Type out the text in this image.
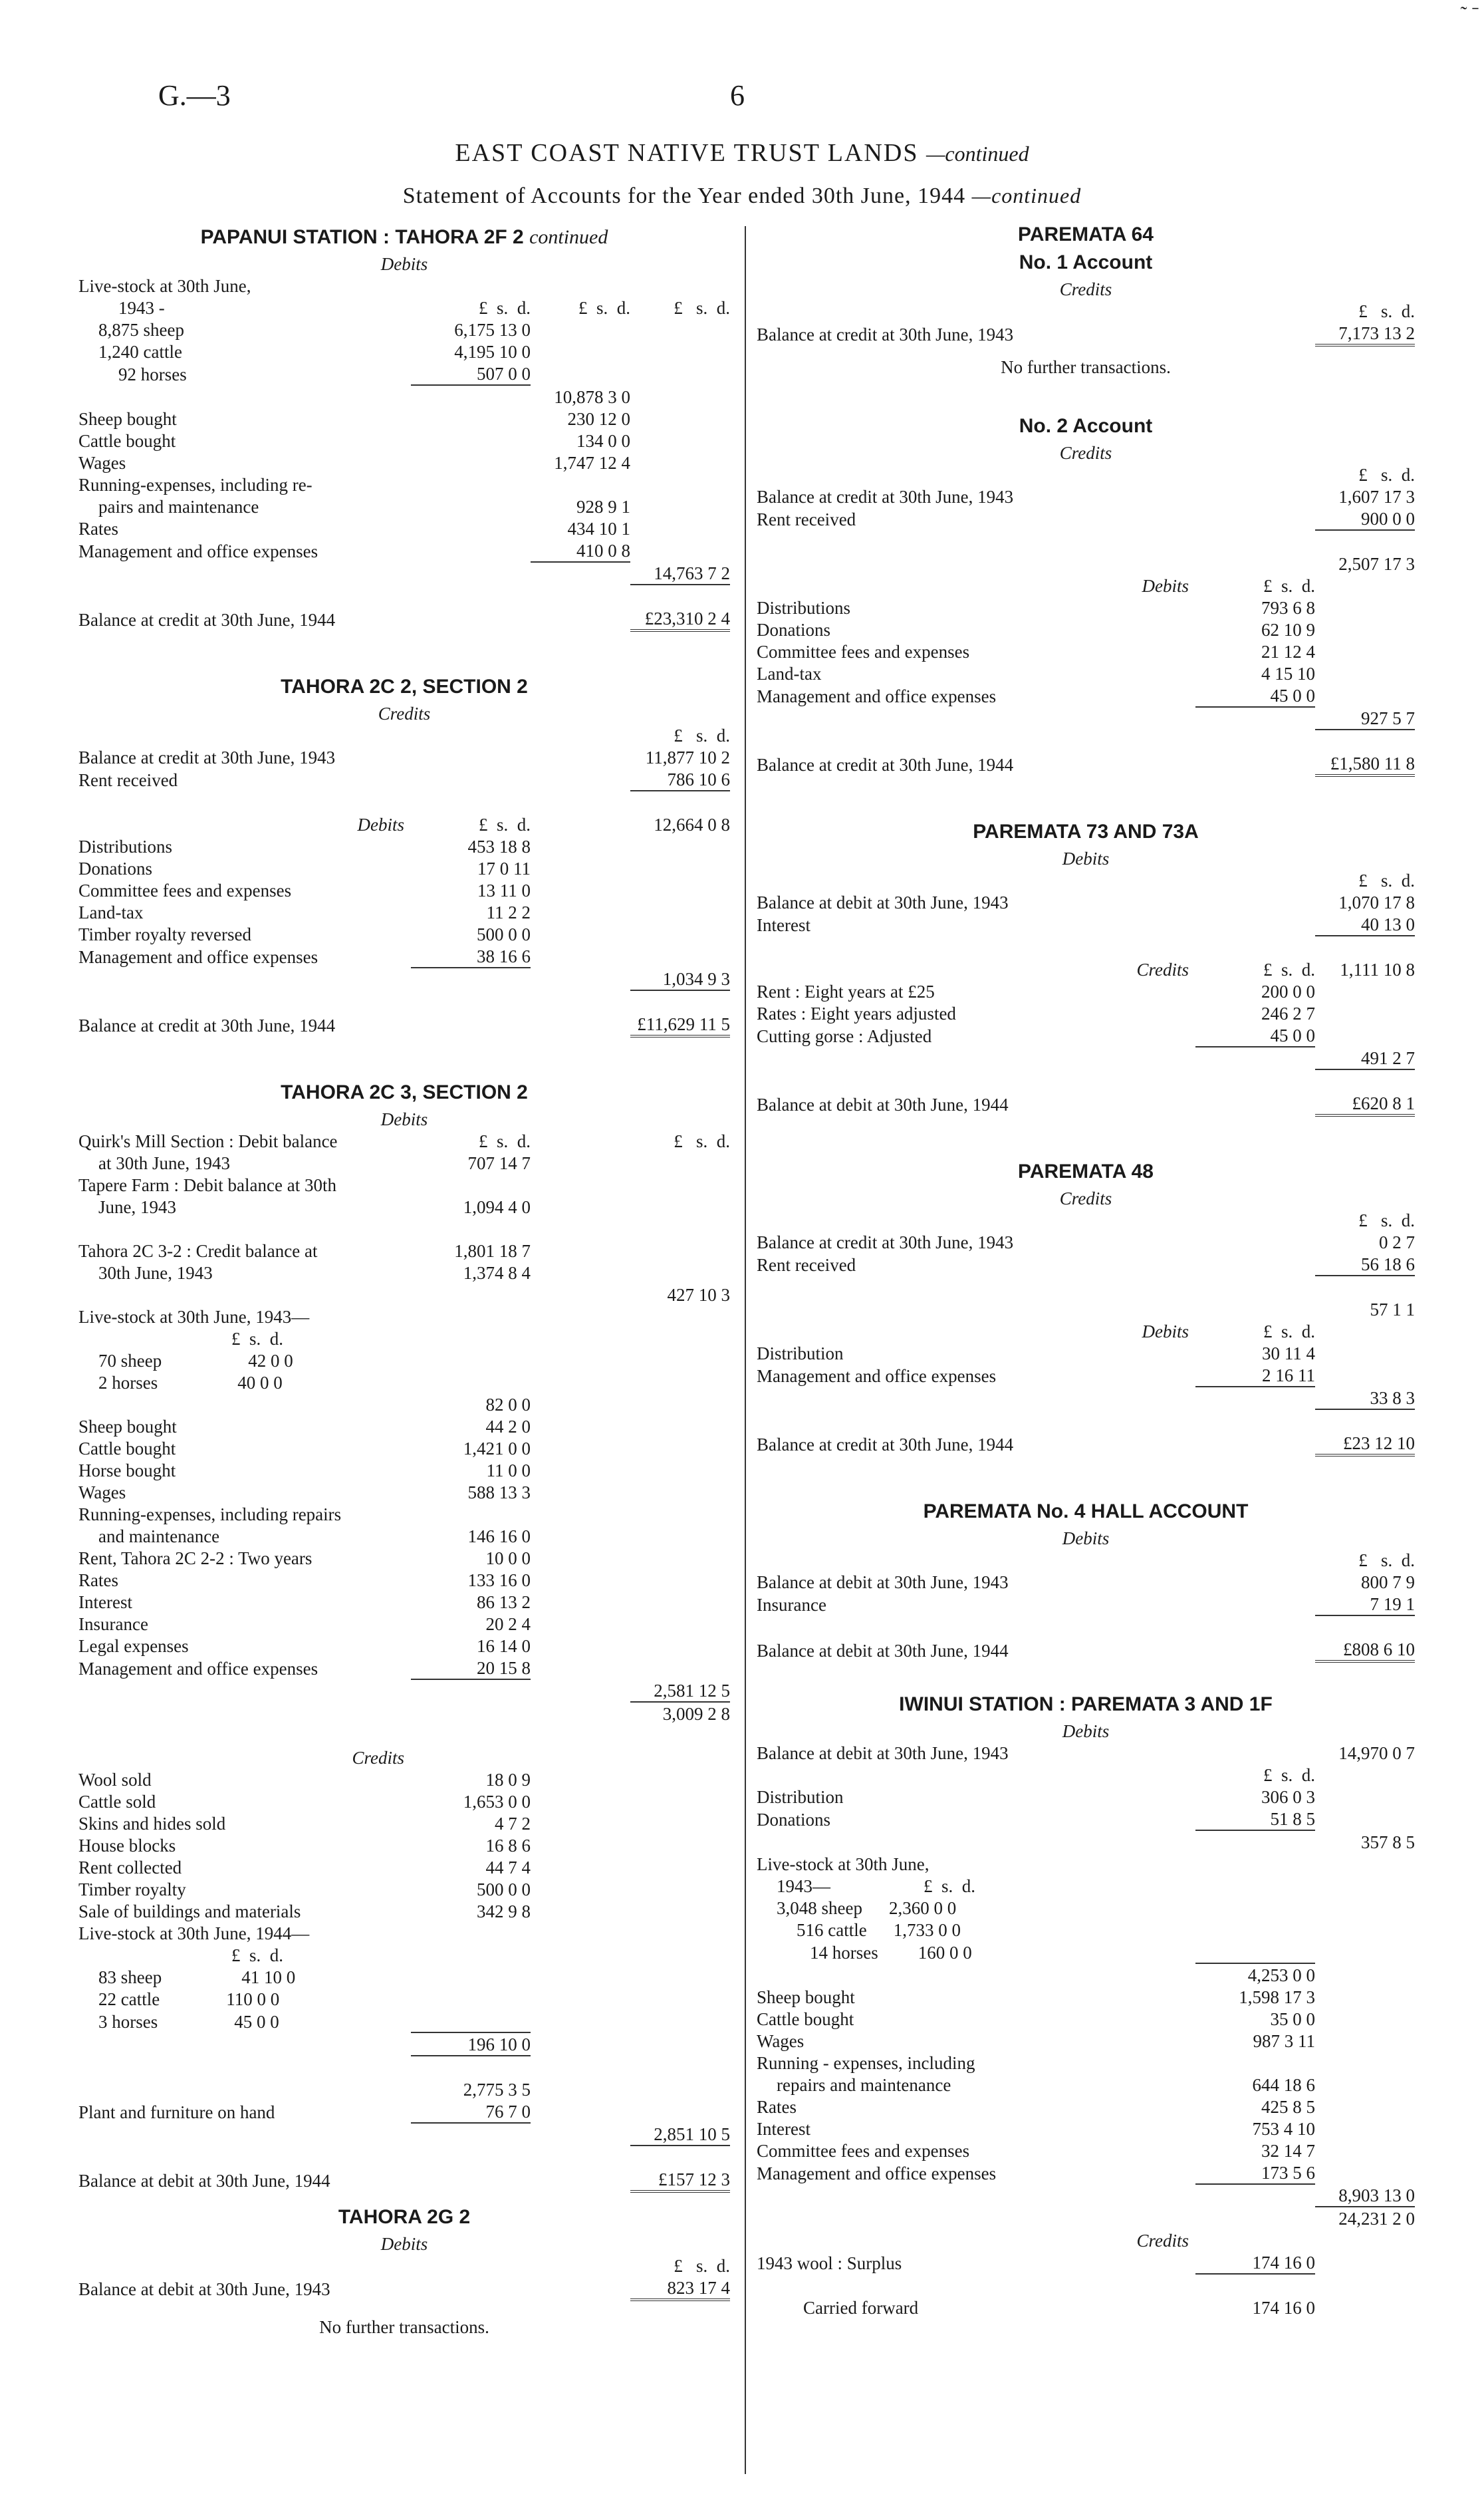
˜ ˉ
G.—3	6
EAST COAST NATIVE TRUST LANDS —continued
Statement of Accounts for the Year ended 30th June, 1944 —continued
PAPANUI STATION : TAHORA 2F 2 continued
Debits
Live-stock at 30th June,			
1943 -	£  s.  d.	£  s.  d.	£   s.  d.
8,875 sheep	6,175 13 0		
1,240 cattle	4,195 10 0		
92 horses	507 0 0		
		10,878 3 0	
Sheep bought		230 12 0	
Cattle bought		134 0 0	
Wages		1,747 12 4	
Running-expenses, including re-			
pairs and maintenance		928 9 1	
Rates		434 10 1	
Management and office expenses		410 0 8	
			14,763 7 2

Balance at credit at 30th June, 1944			£23,310 2 4
TAHORA 2C 2, SECTION 2
Credits
			£   s.  d.
Balance at credit at 30th June, 1943			11,877 10 2
Rent received			786 10 6

Debits	£  s.  d.		12,664 0 8
Distributions	453 18 8		
Donations	17 0 11		
Committee fees and expenses	13 11 0		
Land-tax	11 2 2		
Timber royalty reversed	500 0 0		
Management and office expenses	38 16 6		
			1,034 9 3

Balance at credit at 30th June, 1944			£11,629 11 5
TAHORA 2C 3, SECTION 2
Debits
Quirk's Mill Section : Debit balance	£  s.  d.		£   s.  d.
at 30th June, 1943	707 14 7		
Tapere Farm : Debit balance at 30th			
June, 1943	1,094 4 0		

Tahora 2C 3-2 : Credit balance at	1,801 18 7		
30th June, 1943	1,374 8 4		
			427 10 3
Live-stock at 30th June, 1943—			
£  s.  d.			
70 sheep 42 0 0			
2 horses 40 0 0			
	82 0 0		
Sheep bought	44 2 0		
Cattle bought	1,421 0 0		
Horse bought	11 0 0		
Wages	588 13 3		
Running-expenses, including repairs			
and maintenance	146 16 0		
Rent, Tahora 2C 2-2 : Two years	10 0 0		
Rates	133 16 0		
Interest	86 13 2		
Insurance	20 2 4		
Legal expenses	16 14 0		
Management and office expenses	20 15 8		
			2,581 12 5
			3,009 2 8

Credits			
Wool sold	18 0 9		
Cattle sold	1,653 0 0		
Skins and hides sold	4 7 2		
House blocks	16 8 6		
Rent collected	44 7 4		
Timber royalty	500 0 0		
Sale of buildings and materials	342 9 8		
Live-stock at 30th June, 1944—			
£  s.  d.			
83 sheep 41 10 0			
22 cattle 110 0 0			
3 horses 45 0 0			
	196 10 0		

	2,775 3 5		
Plant and furniture on hand	76 7 0		
			2,851 10 5

Balance at debit at 30th June, 1944			£157 12 3
TAHORA 2G 2
Debits
			£   s.  d.
Balance at debit at 30th June, 1943			823 17 4
No further transactions.
PAREMATA 64
No. 1 Account
Credits
		£   s.  d.
Balance at credit at 30th June, 1943		7,173 13 2
No further transactions.
No. 2 Account
Credits
		£   s.  d.
Balance at credit at 30th June, 1943		1,607 17 3
Rent received		900 0 0

		2,507 17 3
Debits	£  s.  d.	
Distributions	793 6 8	
Donations	62 10 9	
Committee fees and expenses	21 12 4	
Land-tax	4 15 10	
Management and office expenses	45 0 0	
		927 5 7

Balance at credit at 30th June, 1944		£1,580 11 8
PAREMATA 73 AND 73A
Debits
		£   s.  d.
Balance at debit at 30th June, 1943		1,070 17 8
Interest		40 13 0

Credits	£  s.  d.	1,111 10 8
Rent : Eight years at £25	200 0 0	
Rates : Eight years adjusted	246 2 7	
Cutting gorse : Adjusted	45 0 0	
		491 2 7

Balance at debit at 30th June, 1944		£620 8 1
PAREMATA 48
Credits
		£   s.  d.
Balance at credit at 30th June, 1943		0 2 7
Rent received		56 18 6

		57 1 1
Debits	£  s.  d.	
Distribution	30 11 4	
Management and office expenses	2 16 11	
		33 8 3

Balance at credit at 30th June, 1944		£23 12 10
PAREMATA No. 4 HALL ACCOUNT
Debits
		£   s.  d.
Balance at debit at 30th June, 1943		800 7 9
Insurance		7 19 1

Balance at debit at 30th June, 1944		£808 6 10
IWINUI STATION : PAREMATA 3 AND 1F
Debits
Balance at debit at 30th June, 1943		14,970 0 7
	£  s.  d.	
Distribution	306 0 3	
Donations	51 8 5	
		357 8 5
Live-stock at 30th June,		
1943— £  s.  d.		
3,048 sheep 2,360 0 0		
516 cattle 1,733 0 0		
14 horses 160 0 0		
	4,253 0 0	
Sheep bought	1,598 17 3	
Cattle bought	35 0 0	
Wages	987 3 11	
Running - expenses, including		
repairs and maintenance	644 18 6	
Rates	425 8 5	
Interest	753 4 10	
Committee fees and expenses	32 14 7	
Management and office expenses	173 5 6	
		8,903 13 0
		24,231 2 0
Credits		
1943 wool : Surplus	174 16 0	

Carried forward	174 16 0	
